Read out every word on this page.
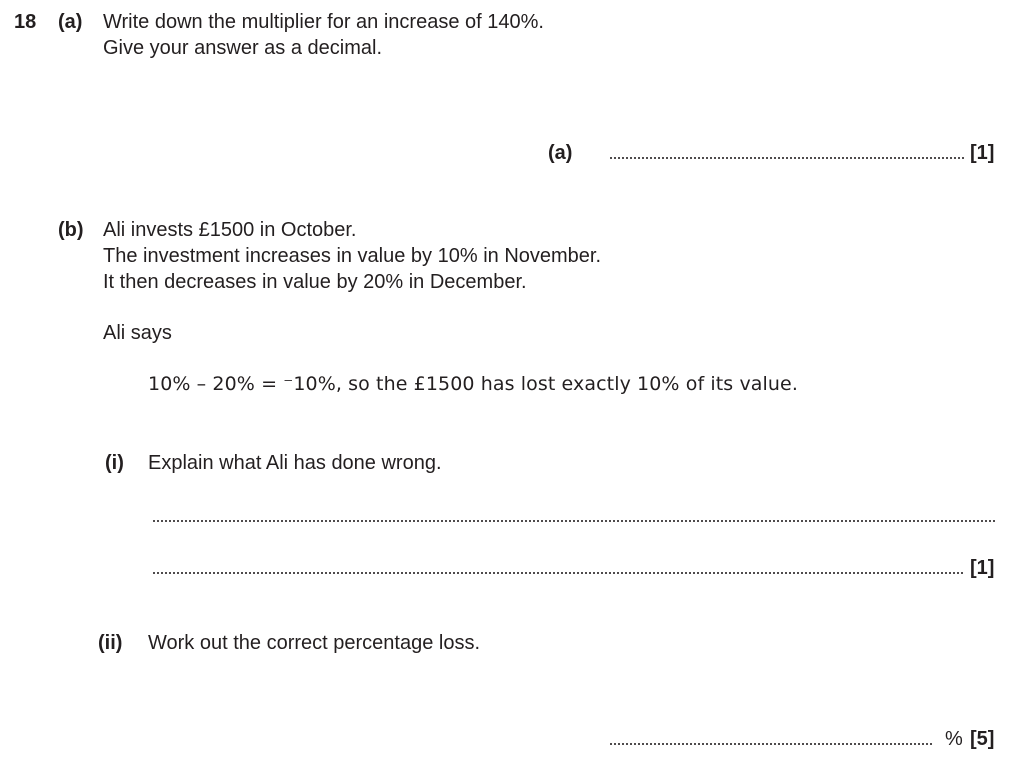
18 (a) Write down the multiplier for an increase of 140%.
Give your answer as a decimal.
(a)	[1]
(b) Ali invests £1500 in October.
The investment increases in value by 10% in November.
It then decreases in value by 20% in December.
Ali says
10% – 20% = ⁻10%, so the £1500 has lost exactly 10% of its value.
(i) Explain what Ali has done wrong.
[1]
(ii) Work out the correct percentage loss.
% [5]
